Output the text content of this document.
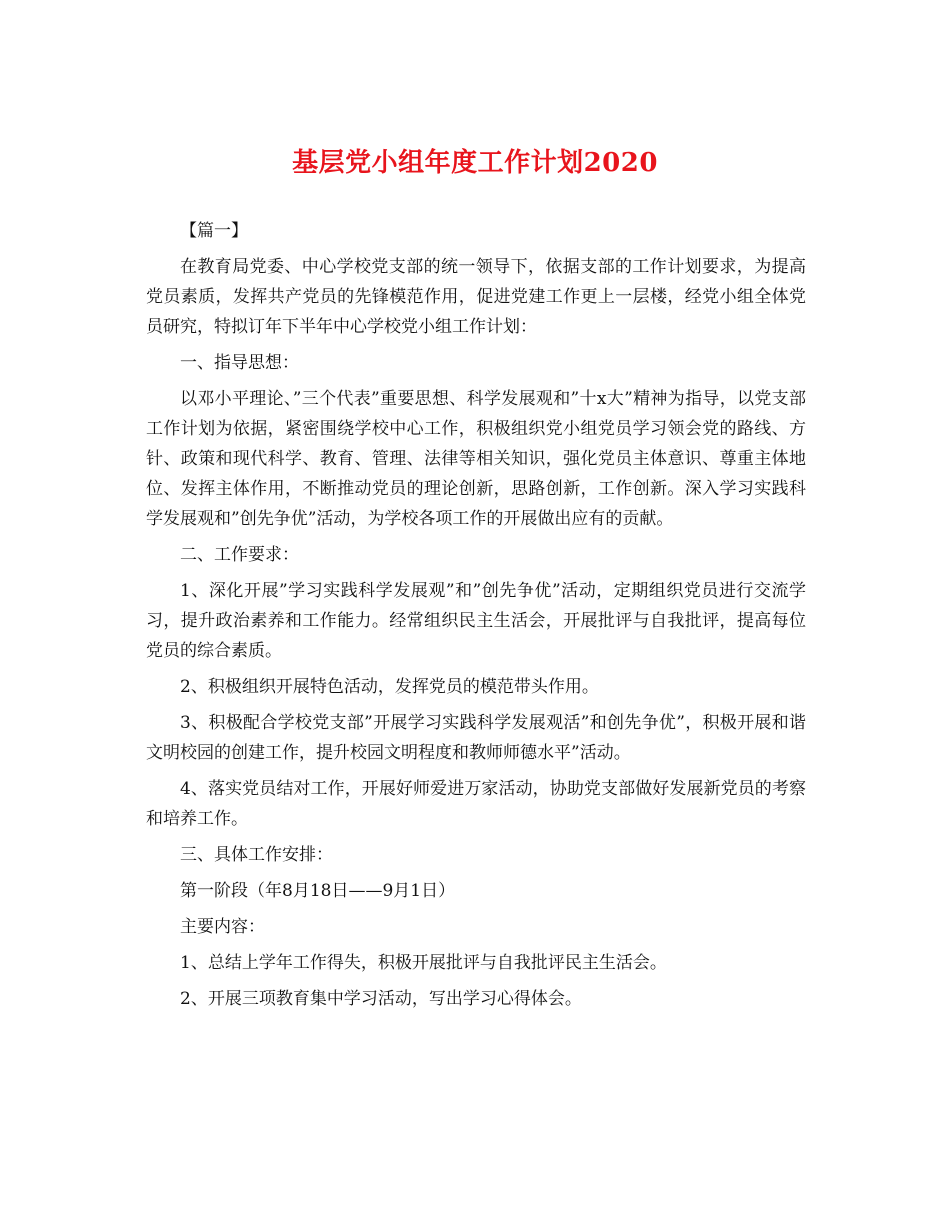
基层党小组年度工作计划2020

【篇一】

在教育局党委、中心学校党支部的统一领导下，依据支部的工作计划要求，为提高党员素质，发挥共产党员的先锋模范作用，促进党建工作更上一层楼，经党小组全体党员研究，特拟订年下半年中心学校党小组工作计划：

一、指导思想：

以邓小平理论、”三个代表”重要思想、科学发展观和”十x大”精神为指导，以党支部工作计划为依据，紧密围绕学校中心工作，积极组织党小组党员学习领会党的路线、方针、政策和现代科学、教育、管理、法律等相关知识，强化党员主体意识、尊重主体地位、发挥主体作用，不断推动党员的理论创新，思路创新，工作创新。深入学习实践科学发展观和”创先争优”活动，为学校各项工作的开展做出应有的贡献。

二、工作要求：

1、深化开展”学习实践科学发展观”和”创先争优”活动，定期组织党员进行交流学习，提升政治素养和工作能力。经常组织民主生活会，开展批评与自我批评，提高每位党员的综合素质。

2、积极组织开展特色活动，发挥党员的模范带头作用。

3、积极配合学校党支部”开展学习实践科学发展观活”和创先争优”，积极开展和谐文明校园的创建工作，提升校园文明程度和教师师德水平”活动。

4、落实党员结对工作，开展好师爱进万家活动，协助党支部做好发展新党员的考察和培养工作。

三、具体工作安排：

第一阶段（年8月18日——9月1日）

主要内容：

1、总结上学年工作得失，积极开展批评与自我批评民主生活会。

2、开展三项教育集中学习活动，写出学习心得体会。
